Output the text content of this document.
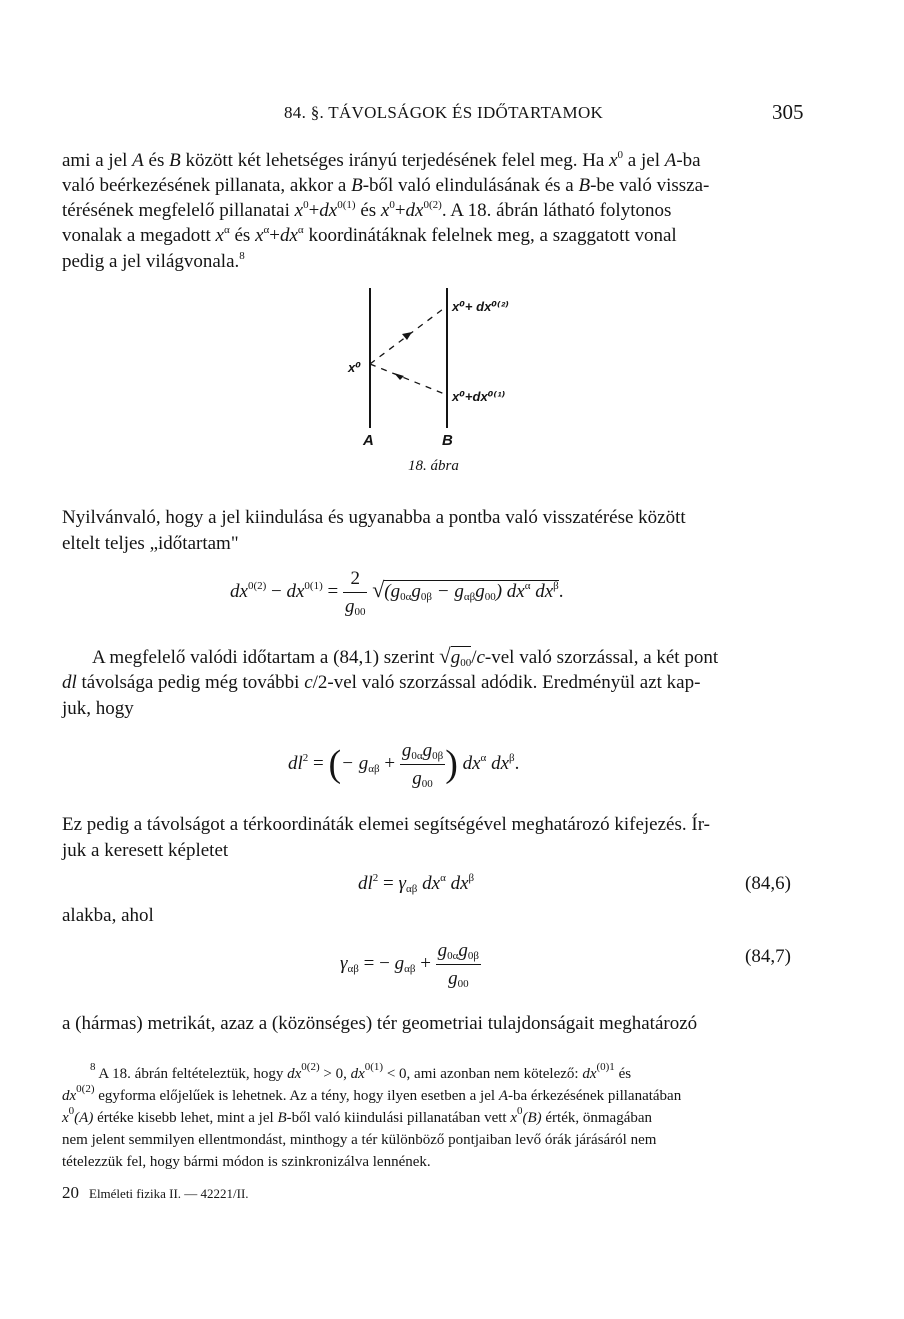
84. §. TÁVOLSÁGOK ÉS IDŐTARTAMOK	305
ami a jel A és B között két lehetséges irányú terjedésének felel meg. Ha $x^0$ a jel A-ba
való beérkezésének pillanata, akkor a B-ből való elindulásának és a B-be való vissza-
térésének megfelelő pillanatai $x^0+dx^{0(1)}$ és $x^0+dx^{0(2)}$. A 18. ábrán látható folytonos
vonalak a megadott $x^\alpha$ és $x^\alpha+dx^\alpha$ koordinátáknak felelnek meg, a szaggatott vonal
pedig a jel világvonala.$^8$
x⁰+ dx⁰⁽²⁾
x⁰
x⁰+dx⁰⁽¹⁾
A	B
18. ábra
Nyilvánvaló, hogy a jel kiindulása és ugyanabba a pontba való visszatérése között
eltelt teljes „időtartam"
$dx^{0(2)} - dx^{0(1)} = \frac{2}{g_{00}} √(g_{0\alpha}g_{0\beta} - g_{\alpha\beta}g_{00})$ $dx^\alpha$ $dx^\beta$.
A megfelelő valódi időtartam a (84,1) szerint $√g_{00}/c$-vel való szorzással, a két pont
dl távolsága pedig még további c/2-vel való szorzással adódik. Eredményül azt kap-
juk, hogy
$dl^2$ = (− $g_{\alpha\beta} + \frac{g_{0\alpha}g_{0\beta}}{g_{00}}$ ) $dx^\alpha$ $dx^\beta$.
Ez pedig a távolságot a térkoordináták elemei segítségével meghatározó kifejezés. Ír-
juk a keresett képletet
$dl^2 = \gamma_{\alpha\beta}$ $dx^\alpha$ $dx^\beta$	(84,6)
alakba, ahol
$\gamma_{\alpha\beta}$ = − $g_{\alpha\beta} + \frac{g_{0\alpha}g_{0\beta}}{g_{00}}$	(84,7)
a (hármas) metrikát, azaz a (közönséges) tér geometriai tulajdonságait meghatározó
$^8$ A 18. ábrán feltételeztük, hogy $dx^{0(2)} > 0$, $dx^{0(1)} < 0$, ami azonban nem kötelező: $dx^{(0)1}$ és
$dx^{0(2)}$ egyforma előjelűek is lehetnek. Az a tény, hogy ilyen esetben a jel A-ba érkezésének pillanatában
$x^0(A)$ értéke kisebb lehet, mint a jel B-ből való kiindulási pillanatában vett $x^0(B)$ érték, önmagában
nem jelent semmilyen ellentmondást, minthogy a tér különböző pontjaiban levő órák járásáról nem
tételezzük fel, hogy bármi módon is szinkronizálva lennének.
20 Elméleti fizika II. — 42221/II.
